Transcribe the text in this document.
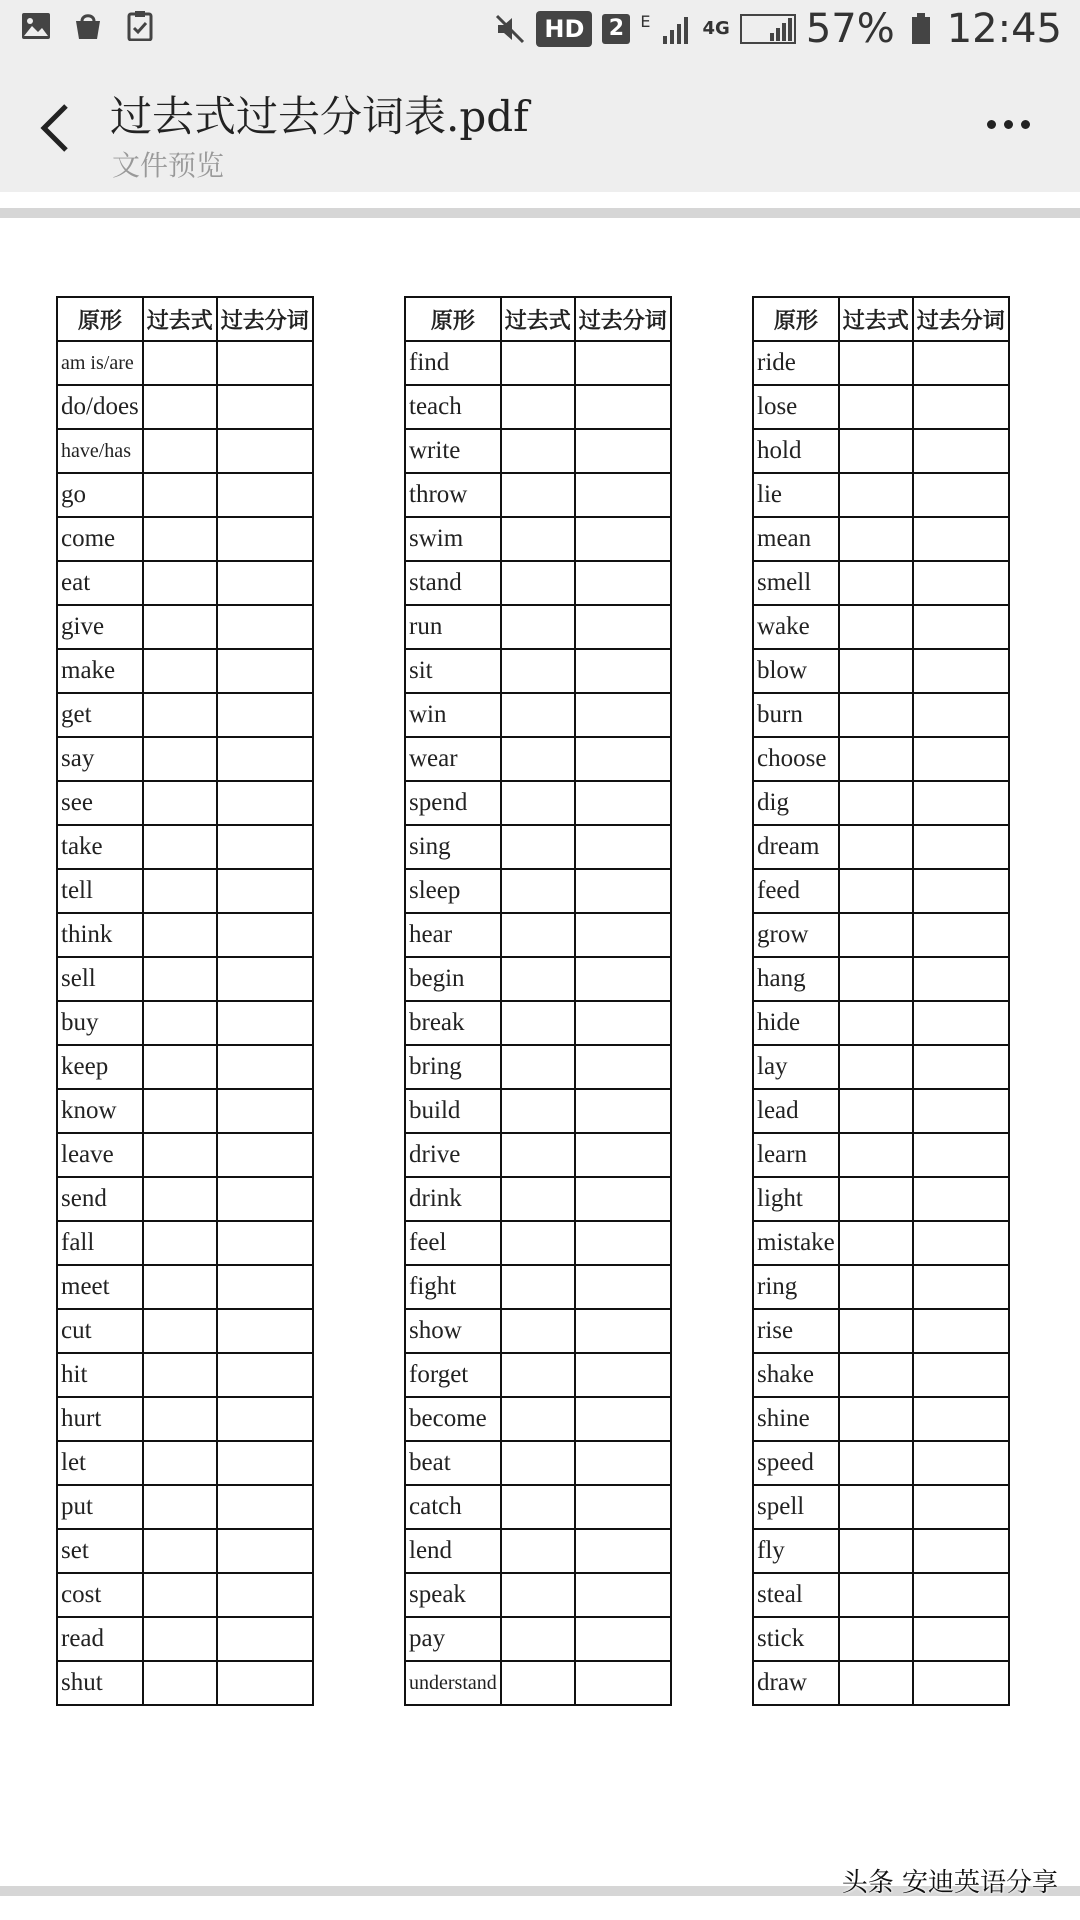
HD	2	E	4G 57% 12:45
过去式过去分词表.pdf
文件预览
原形	过去式	过去分词
am is/are		
do/does		
have/has		
go		
come		
eat		
give		
make		
get		
say		
see		
take		
tell		
think		
sell		
buy		
keep		
know		
leave		
send		
fall		
meet		
cut		
hit		
hurt		
let		
put		
set		
cost		
read		
shut		
原形	过去式	过去分词
find		
teach		
write		
throw		
swim		
stand		
run		
sit		
win		
wear		
spend		
sing		
sleep		
hear		
begin		
break		
bring		
build		
drive		
drink		
feel		
fight		
show		
forget		
become		
beat		
catch		
lend		
speak		
pay		
understand		
原形	过去式	过去分词
ride		
lose		
hold		
lie		
mean		
smell		
wake		
blow		
burn		
choose		
dig		
dream		
feed		
grow		
hang		
hide		
lay		
lead		
learn		
light		
mistake		
ring		
rise		
shake		
shine		
speed		
spell		
fly		
steal		
stick		
draw		
头条 安迪英语分享
